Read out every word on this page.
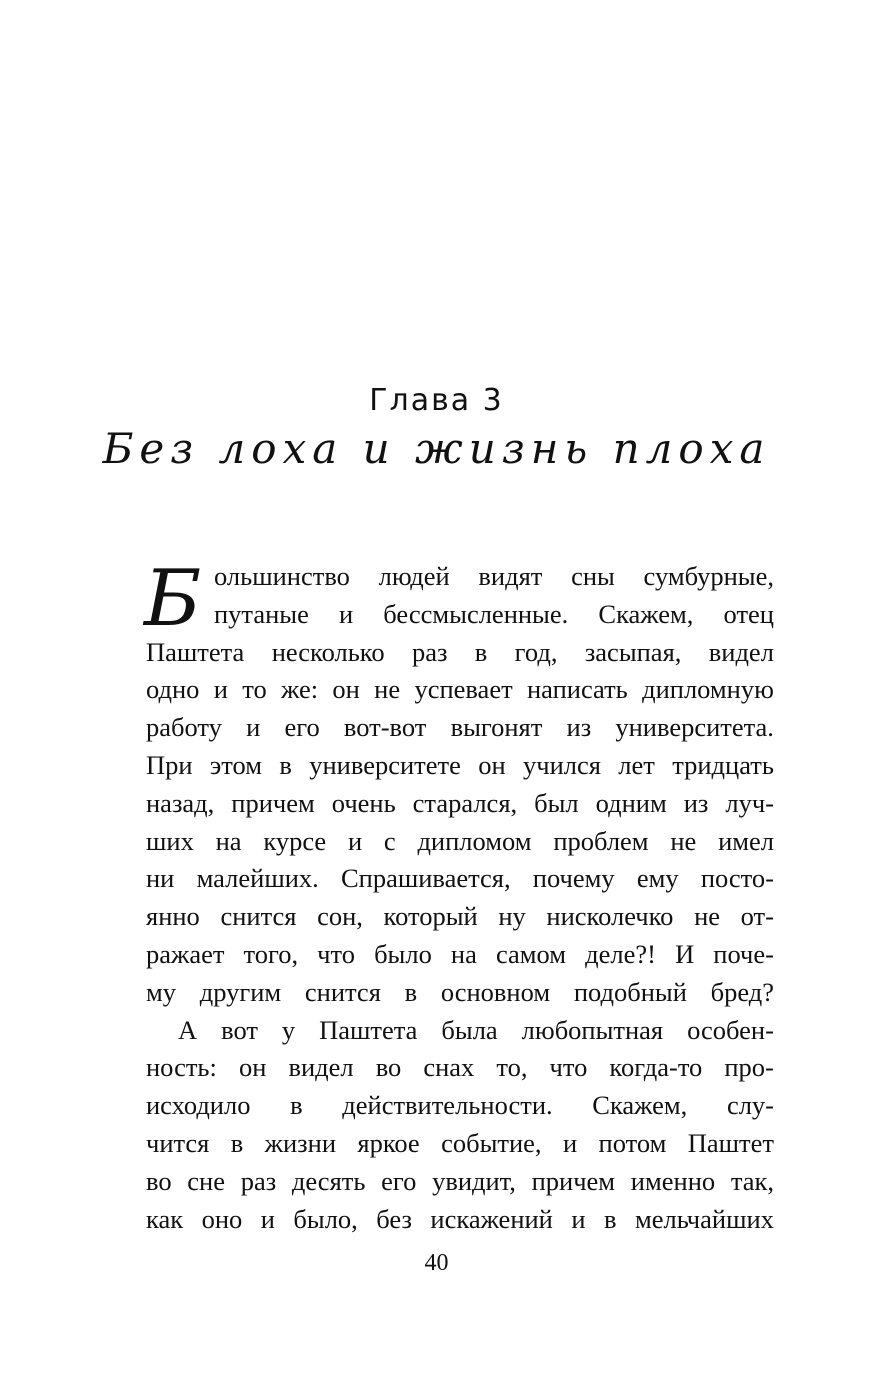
Глава 3
Без лоха и жизнь плоха
Б ольшинство людей видят сны сумбурные,
путаные и бессмысленные. Скажем, отец
Паштета несколько раз в год, засыпая, видел
одно и то же: он не успевает написать дипломную
работу и его вот-вот выгонят из университета.
При этом в университете он учился лет тридцать
назад, причем очень старался, был одним из луч-
ших на курсе и с дипломом проблем не имел
ни малейших. Спрашивается, почему ему посто-
янно снится сон, который ну нисколечко не от-
ражает того, что было на самом деле?! И поче-
му другим снится в основном подобный бред?
А вот у Паштета была любопытная особен-
ность: он видел во снах то, что когда-то про-
исходило в действительности. Скажем, слу-
чится в жизни яркое событие, и потом Паштет
во сне раз десять его увидит, причем именно так,
как оно и было, без искажений и в мельчайших
40
